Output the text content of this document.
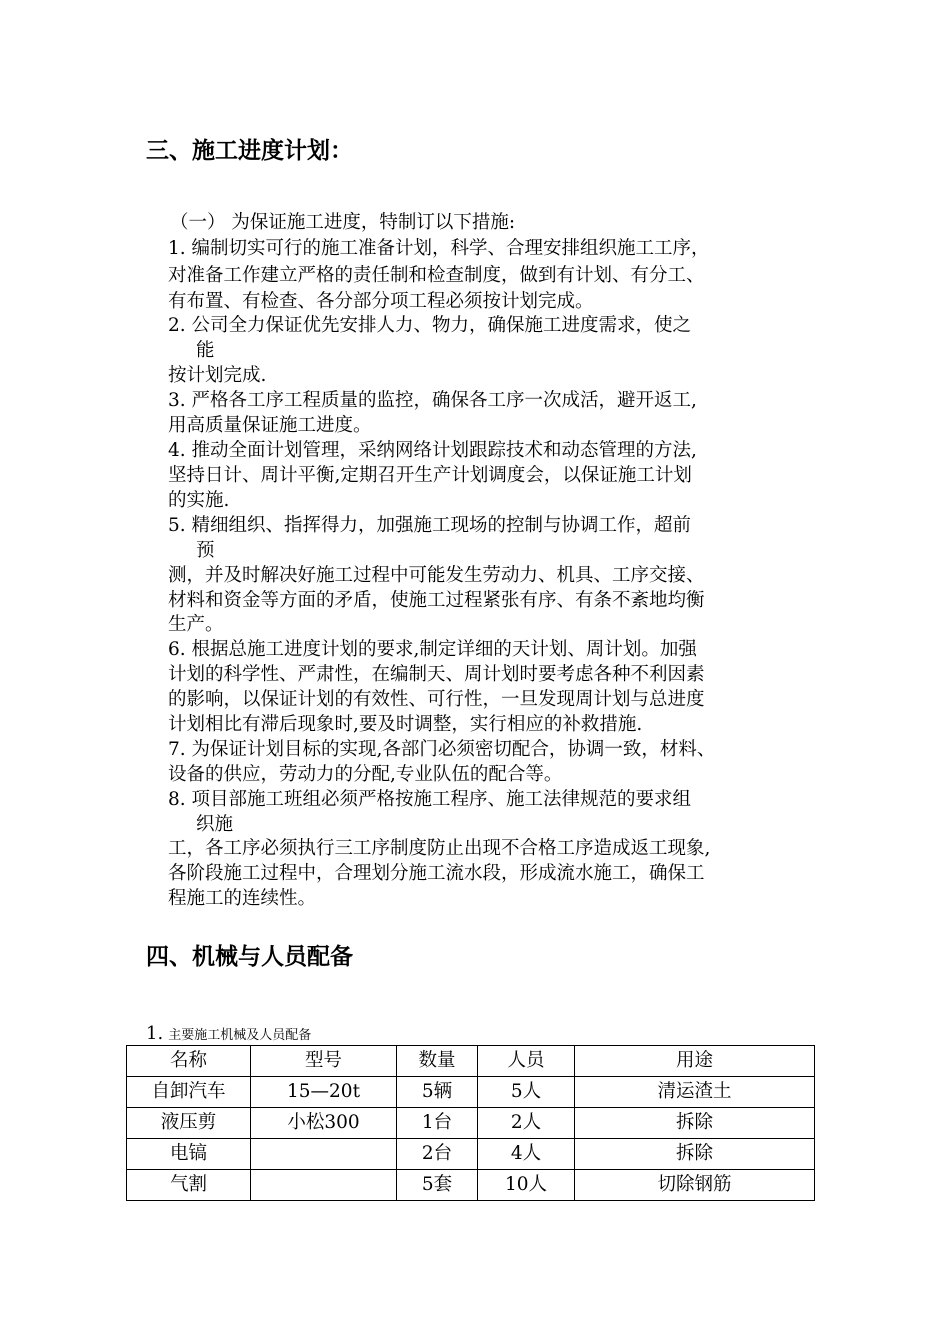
三、施工进度计划：
（一） 为保证施工进度，特制订以下措施:
1. 编制切实可行的施工准备计划，科学、合理安排组织施工工序，
对准备工作建立严格的责任制和检查制度，做到有计划、有分工、
有布置、有检查、各分部分项工程必须按计划完成。
2. 公司全力保证优先安排人力、物力，确保施工进度需求，使之
能
按计划完成.
3. 严格各工序工程质量的监控，确保各工序一次成活，避开返工,
用高质量保证施工进度。
4. 推动全面计划管理，采纳网络计划跟踪技术和动态管理的方法,
坚持日计、周计平衡,定期召开生产计划调度会，以保证施工计划
的实施.
5. 精细组织、指挥得力，加强施工现场的控制与协调工作，超前
预
测，并及时解决好施工过程中可能发生劳动力、机具、工序交接、
材料和资金等方面的矛盾，使施工过程紧张有序、有条不紊地均衡
生产。
6. 根据总施工进度计划的要求,制定详细的天计划、周计划。加强
计划的科学性、严肃性，在编制天、周计划时要考虑各种不利因素
的影响，以保证计划的有效性、可行性，一旦发现周计划与总进度
计划相比有滞后现象时,要及时调整，实行相应的补救措施.
7. 为保证计划目标的实现,各部门必须密切配合，协调一致，材料、
设备的供应，劳动力的分配,专业队伍的配合等。
8. 项目部施工班组必须严格按施工程序、施工法律规范的要求组
织施
工，各工序必须执行三工序制度防止出现不合格工序造成返工现象,
各阶段施工过程中，合理划分施工流水段，形成流水施工，确保工
程施工的连续性。
四、机械与人员配备
1. 主要施工机械及人员配备
名称	型号	数量	人员	用途
自卸汽车	15—20t	5辆	5人	清运渣土
液压剪	小松300	1台	2人	拆除
电镐		2台	4人	拆除
气割		5套	10人	切除钢筋
